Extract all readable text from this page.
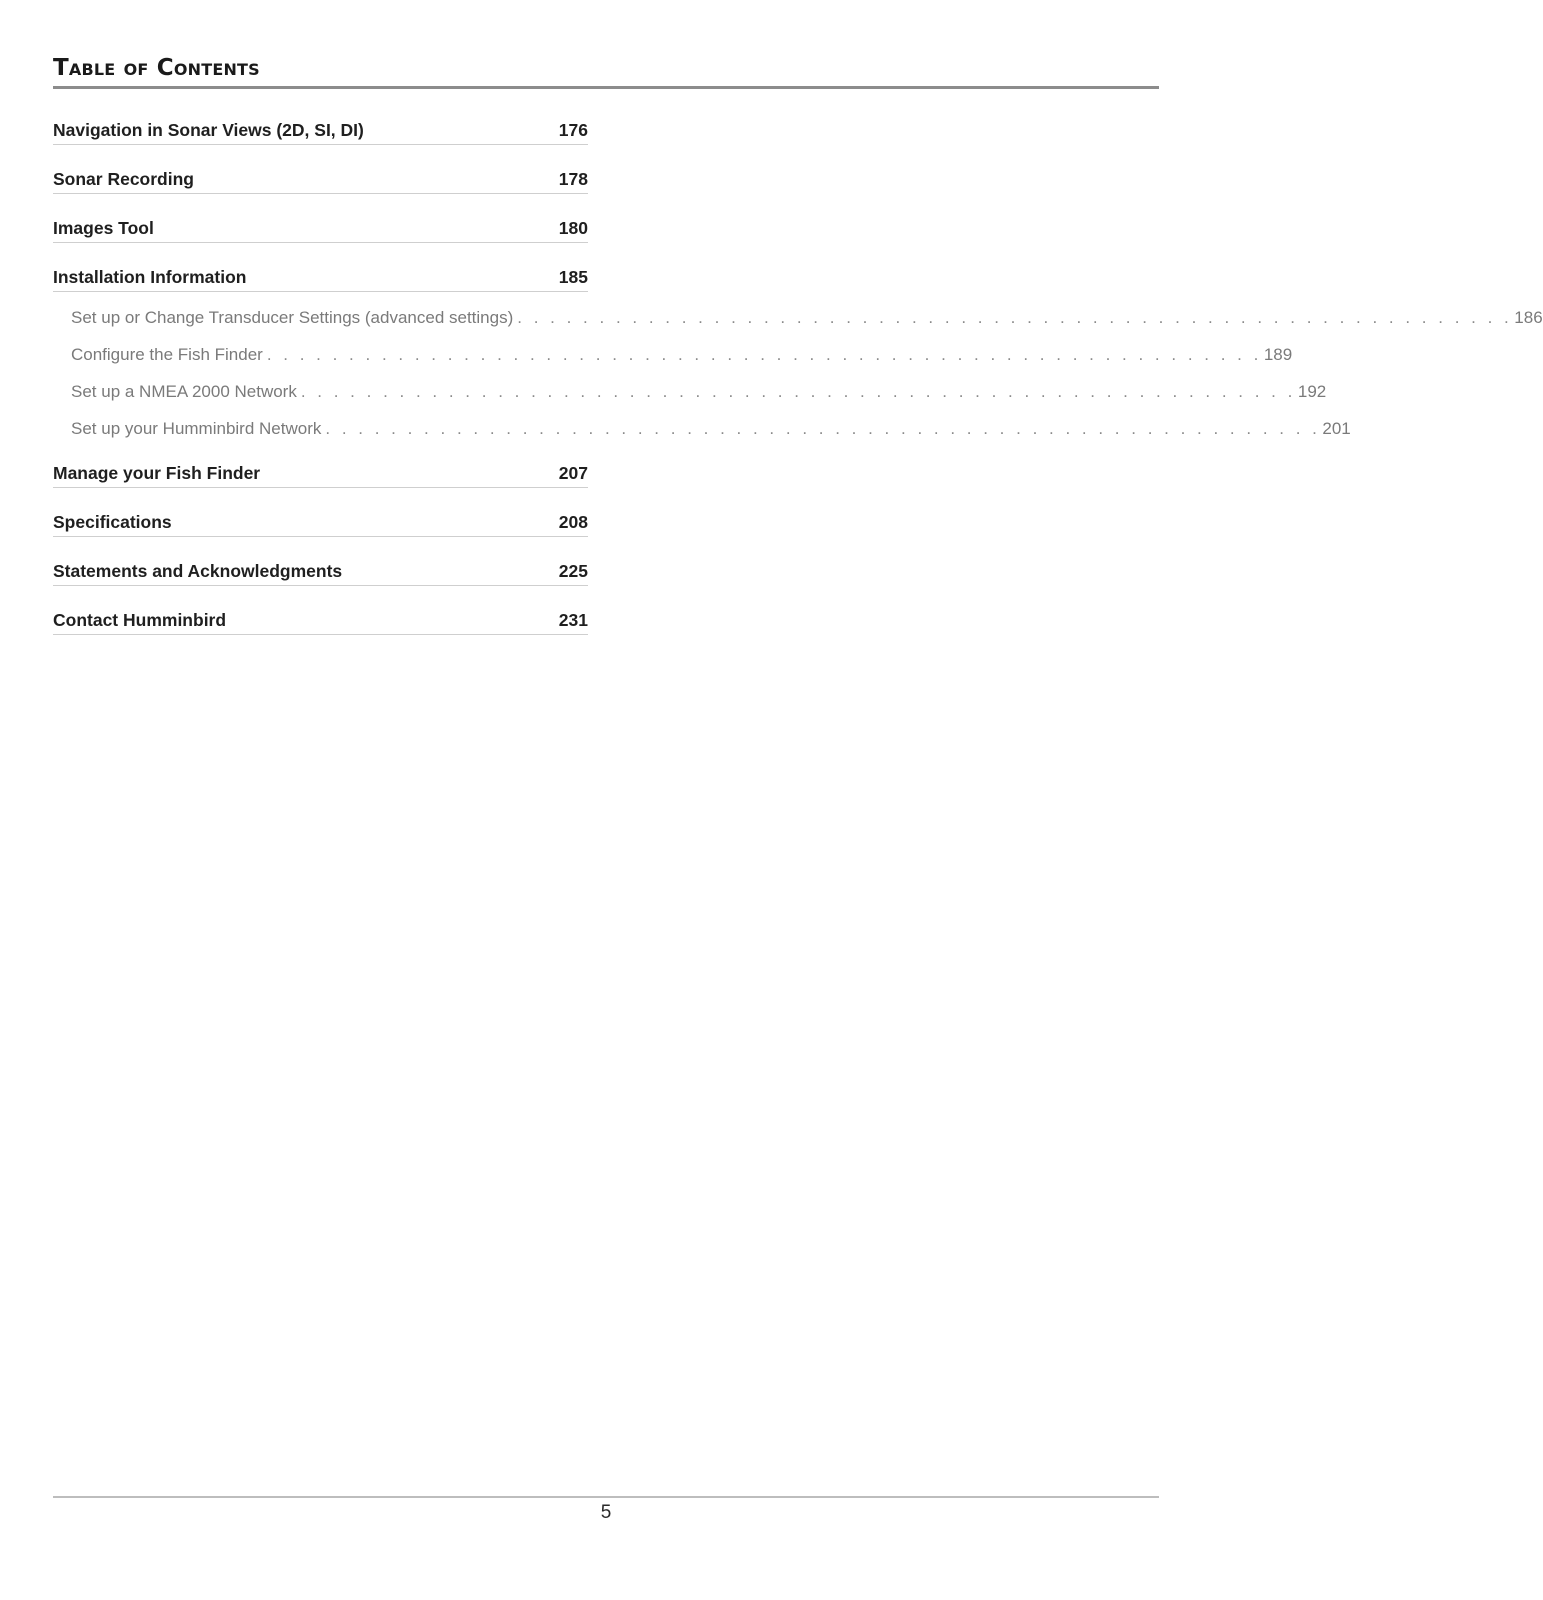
Table of Contents
Navigation in Sonar Views (2D, SI, DI)	176
Sonar Recording	178
Images Tool	180
Installation Information	185
Set up or Change Transducer Settings (advanced settings) . . . . . . . . . . . . . . . . . . . . . . . . . . . . . . . . . . . . . . . . . . . . . . . . . . . . . . . . . . . . . 186
Configure the Fish Finder . . . . . . . . . . . . . . . . . . . . . . . . . . . . . . . . . . . . . . . . . . . . . . . . . . . . . . . . . . . . . 189
Set up a NMEA 2000 Network . . . . . . . . . . . . . . . . . . . . . . . . . . . . . . . . . . . . . . . . . . . . . . . . . . . . . . . . . . . . . 192
Set up your Humminbird Network . . . . . . . . . . . . . . . . . . . . . . . . . . . . . . . . . . . . . . . . . . . . . . . . . . . . . . . . . . . . . 201
Manage your Fish Finder	207
Specifications	208
Statements and Acknowledgments	225
Contact Humminbird	231
5
